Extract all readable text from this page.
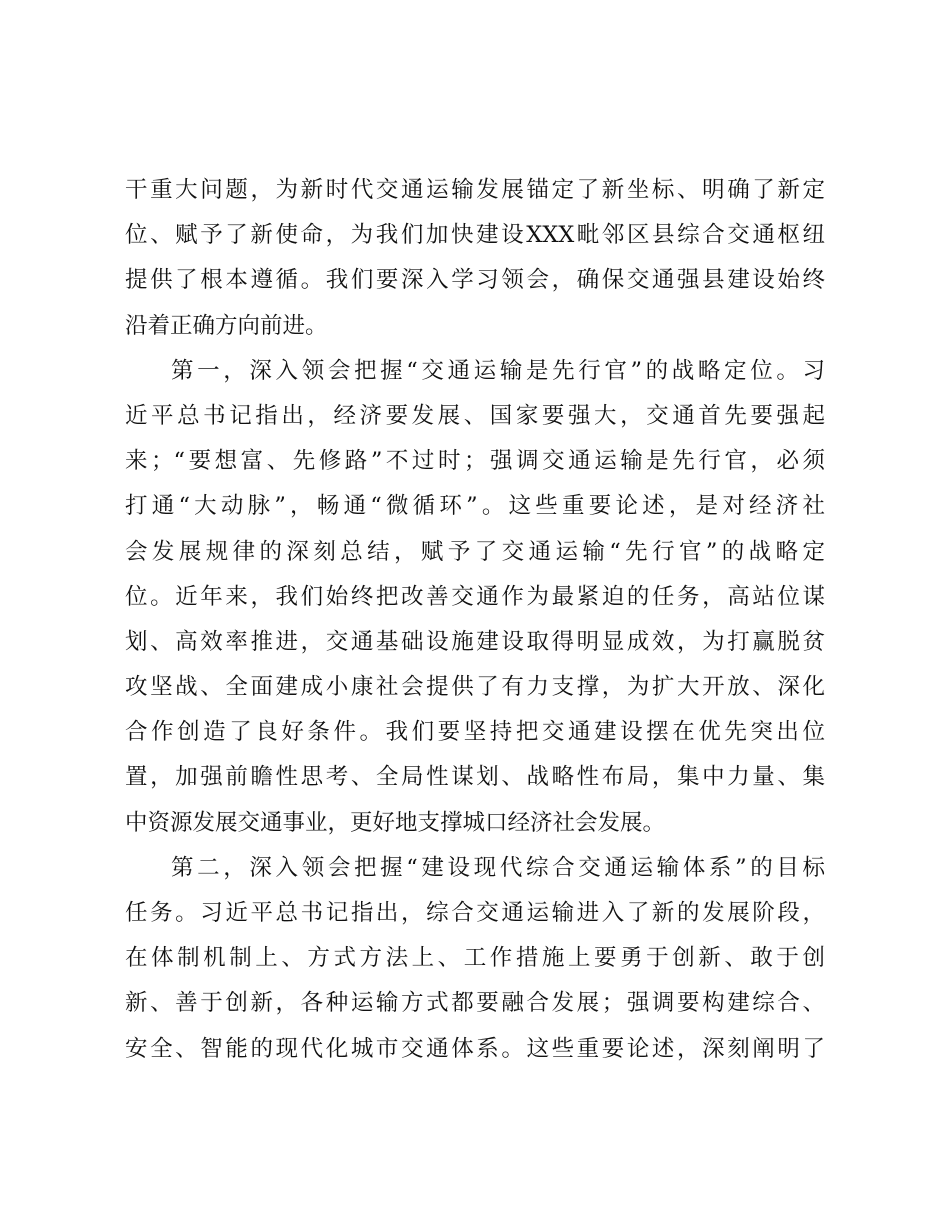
干重大问题，为新时代交通运输发展锚定了新坐标、明确了新定
位、赋予了新使命，为我们加快建设XXX毗邻区县综合交通枢纽
提供了根本遵循。我们要深入学习领会，确保交通强县建设始终
沿着正确方向前进。
第一，深入领会把握“交通运输是先行官”的战略定位。习
近平总书记指出，经济要发展、国家要强大，交通首先要强起
来；“要想富、先修路”不过时；强调交通运输是先行官，必须
打通“大动脉”，畅通“微循环”。这些重要论述，是对经济社
会发展规律的深刻总结，赋予了交通运输“先行官”的战略定
位。近年来，我们始终把改善交通作为最紧迫的任务，高站位谋
划、高效率推进，交通基础设施建设取得明显成效，为打赢脱贫
攻坚战、全面建成小康社会提供了有力支撑，为扩大开放、深化
合作创造了良好条件。我们要坚持把交通建设摆在优先突出位
置，加强前瞻性思考、全局性谋划、战略性布局，集中力量、集
中资源发展交通事业，更好地支撑城口经济社会发展。
第二，深入领会把握“建设现代综合交通运输体系”的目标
任务。习近平总书记指出，综合交通运输进入了新的发展阶段，
在体制机制上、方式方法上、工作措施上要勇于创新、敢于创
新、善于创新，各种运输方式都要融合发展；强调要构建综合、
安全、智能的现代化城市交通体系。这些重要论述，深刻阐明了
